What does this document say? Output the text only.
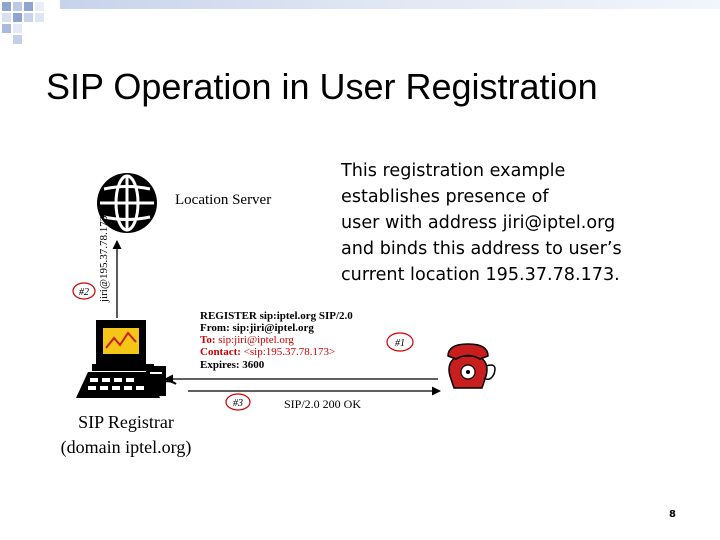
SIP Operation in User Registration

This registration example
establishes presence of
user with address jiri@iptel.org
and binds this address to user’s
current location 195.37.78.173.

Location Server
jiri@195.37.78.173
#2
SIP Registrar
(domain iptel.org)
REGISTER sip:iptel.org SIP/2.0
From: sip:jiri@iptel.org
To: sip:jiri@iptel.org
Contact: <sip:195.37.78.173>
Expires: 3600
#1
#3	SIP/2.0 200 OK
8
